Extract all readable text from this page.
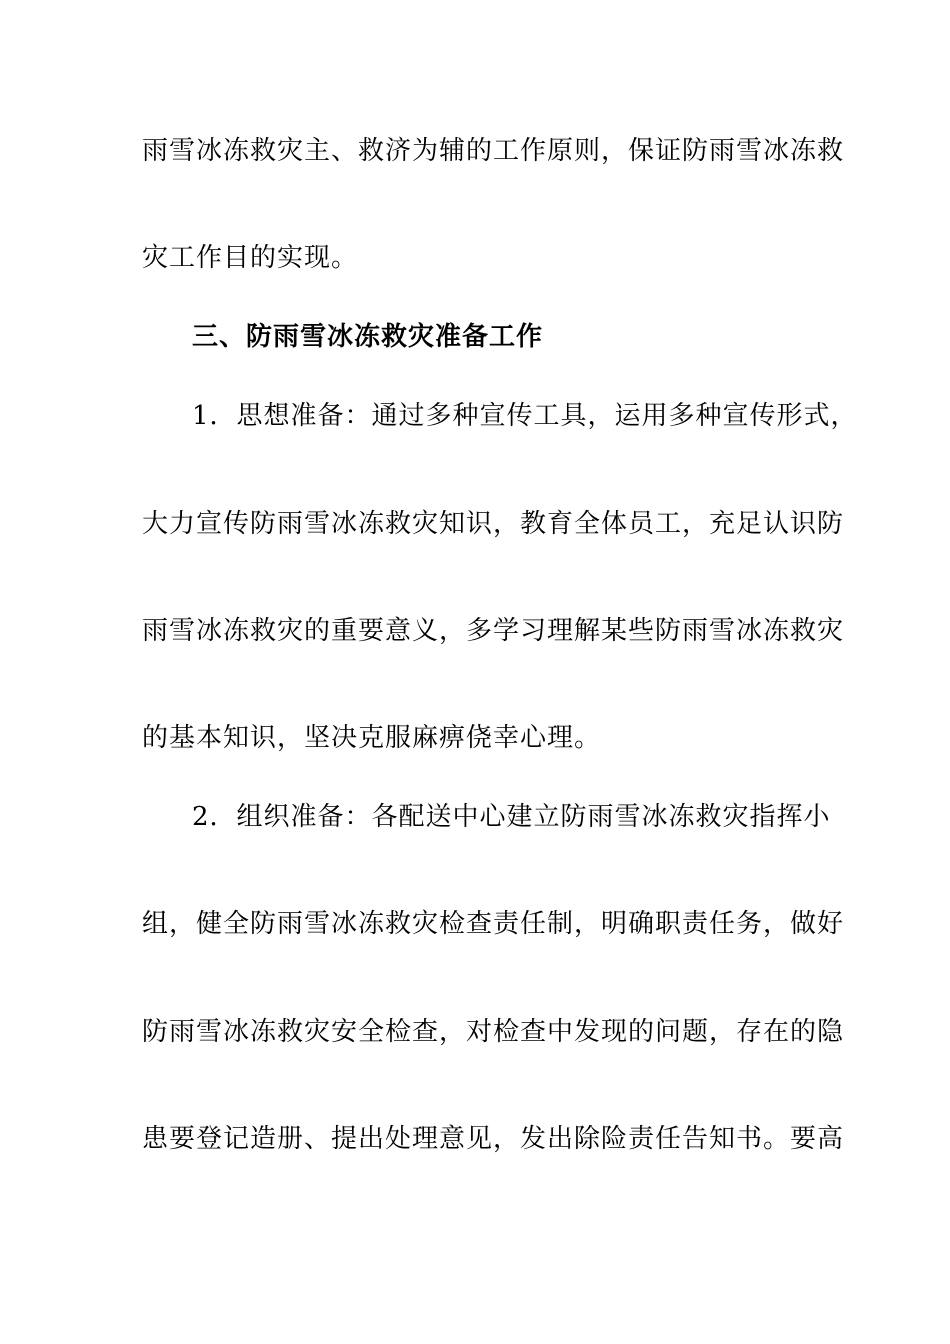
雨雪冰冻救灾主、救济为辅的工作原则，保证防雨雪冰冻救
灾工作目的实现。
三、防雨雪冰冻救灾准备工作
1．思想准备：通过多种宣传工具，运用多种宣传形式，
大力宣传防雨雪冰冻救灾知识，教育全体员工，充足认识防
雨雪冰冻救灾的重要意义，多学习理解某些防雨雪冰冻救灾
的基本知识，坚决克服麻痹侥幸心理。
2．组织准备：各配送中心建立防雨雪冰冻救灾指挥小
组，健全防雨雪冰冻救灾检查责任制，明确职责任务，做好
防雨雪冰冻救灾安全检查，对检查中发现的问题，存在的隐
患要登记造册、提出处理意见，发出除险责任告知书。要高
